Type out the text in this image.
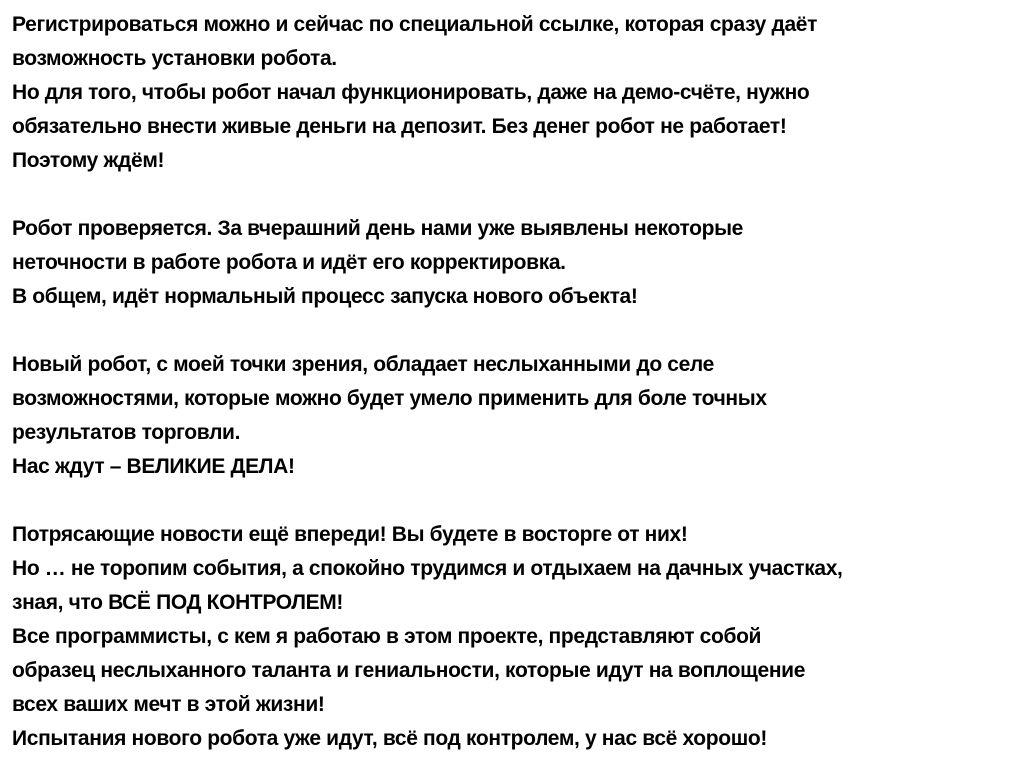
Регистрироваться можно и сейчас по специальной ссылке, которая сразу даёт
возможность установки робота.
Но для того, чтобы робот начал функционировать, даже на демо-счёте, нужно
обязательно внести живые деньги на депозит. Без денег робот не работает!
Поэтому ждём!
Робот проверяется. За вчерашний день нами уже выявлены некоторые
неточности в работе робота и идёт его корректировка.
В общем, идёт нормальный процесс запуска нового объекта!
Новый робот, с моей точки зрения, обладает неслыханными до селе
возможностями, которые можно будет умело применить для боле точных
результатов торговли.
Нас ждут – ВЕЛИКИЕ ДЕЛА!
Потрясающие новости ещё впереди! Вы будете в восторге от них!
Но … не торопим события, а спокойно трудимся и отдыхаем на дачных участках,
зная, что ВСЁ ПОД КОНТРОЛЕМ!
Все программисты, с кем я работаю в этом проекте, представляют собой
образец неслыханного таланта и гениальности, которые идут на воплощение
всех ваших мечт в этой жизни!
Испытания нового робота уже идут, всё под контролем, у нас всё хорошо!
